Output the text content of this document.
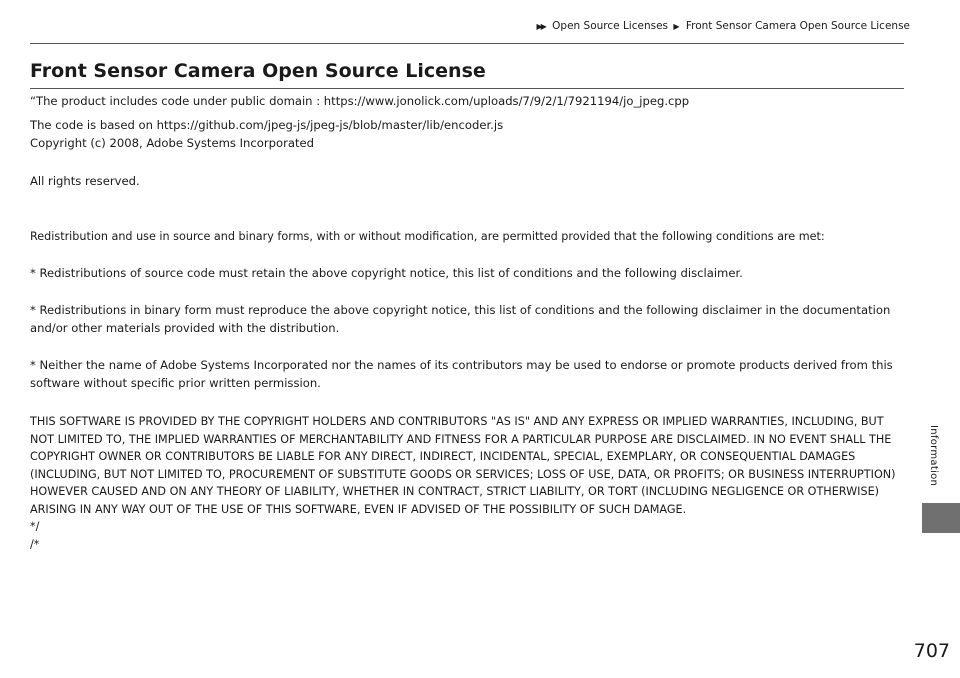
▶▶ Open Source Licenses ▶ Front Sensor Camera Open Source License
Front Sensor Camera Open Source License

“The product includes code under public domain : https://www.jonolick.com/uploads/7/9/2/1/7921194/jo_jpeg.cpp

The code is based on https://github.com/jpeg-js/jpeg-js/blob/master/lib/encoder.js

Copyright (c) 2008, Adobe Systems Incorporated

All rights reserved.

Redistribution and use in source and binary forms, with or without modification, are permitted provided that the following conditions are met:

* Redistributions of source code must retain the above copyright notice, this list of conditions and the following disclaimer.

* Redistributions in binary form must reproduce the above copyright notice, this list of conditions and the following disclaimer in the documentation and/or other materials provided with the distribution.

* Neither the name of Adobe Systems Incorporated nor the names of its contributors may be used to endorse or promote products derived from this software without specific prior written permission.

THIS SOFTWARE IS PROVIDED BY THE COPYRIGHT HOLDERS AND CONTRIBUTORS "AS IS" AND ANY EXPRESS OR IMPLIED WARRANTIES, INCLUDING, BUT NOT LIMITED TO, THE IMPLIED WARRANTIES OF MERCHANTABILITY AND FITNESS FOR A PARTICULAR PURPOSE ARE DISCLAIMED. IN NO EVENT SHALL THE COPYRIGHT OWNER OR CONTRIBUTORS BE LIABLE FOR ANY DIRECT, INDIRECT, INCIDENTAL, SPECIAL, EXEMPLARY, OR CONSEQUENTIAL DAMAGES (INCLUDING, BUT NOT LIMITED TO, PROCUREMENT OF SUBSTITUTE GOODS OR SERVICES; LOSS OF USE, DATA, OR PROFITS; OR BUSINESS INTERRUPTION) HOWEVER CAUSED AND ON ANY THEORY OF LIABILITY, WHETHER IN CONTRACT, STRICT LIABILITY, OR TORT (INCLUDING NEGLIGENCE OR OTHERWISE) ARISING IN ANY WAY OUT OF THE USE OF THIS SOFTWARE, EVEN IF ADVISED OF THE POSSIBILITY OF SUCH DAMAGE.

*/

/*

Information
707
